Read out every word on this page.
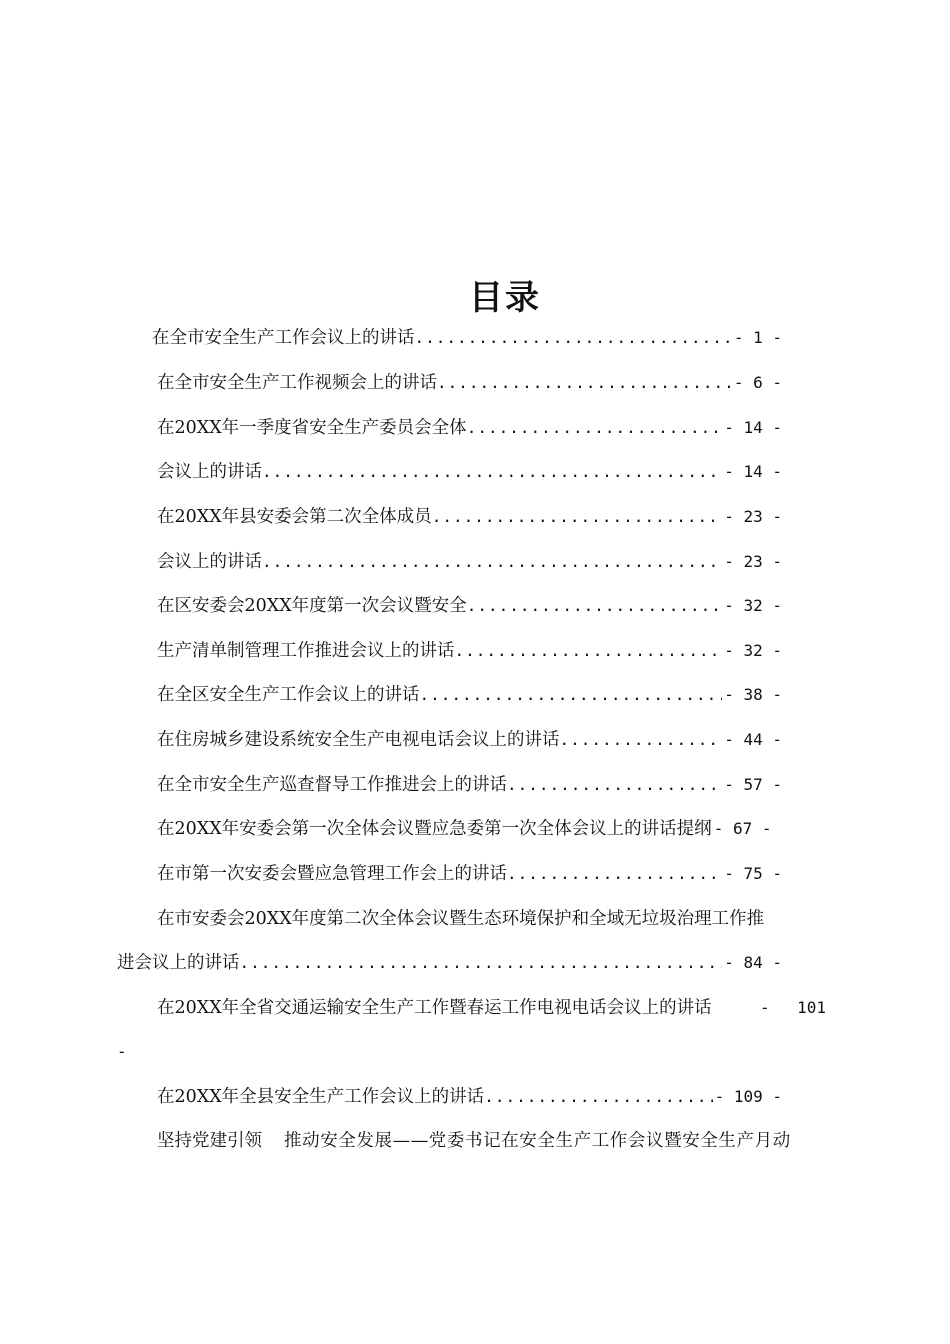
目录
在全市安全生产工作会议上的讲话 .....	- 1 -
在全市安全生产工作视频会上的讲话 .....	- 6 -
在20XX年一季度省安全生产委员会全体 .....	- 14 -
会议上的讲话 .....	- 14 -
在20XX年县安委会第二次全体成员 .....	- 23 -
会议上的讲话 .....	- 23 -
在区安委会20XX年度第一次会议暨安全 .....	- 32 -
生产清单制管理工作推进会议上的讲话 .....	- 32 -
在全区安全生产工作会议上的讲话 .....	- 38 -
在住房城乡建设系统安全生产电视电话会议上的讲话 .....	- 44 -
在全市安全生产巡查督导工作推进会上的讲话 .....	- 57 -
在20XX年安委会第一次全体会议暨应急委第一次全体会议上的讲话提纲 - 67 -
在市第一次安委会暨应急管理工作会上的讲话 .....	- 75 -
在市安委会20XX年度第二次全体会议暨生态环境保护和全域无垃圾治理工作推
进会议上的讲话 .....	- 84 -
在20XX年全省交通运输安全生产工作暨春运工作电视电话会议上的讲话	- 101
-
在20XX年全县安全生产工作会议上的讲话 .....	- 109 -
坚持党建引领 推动安全发展——党委书记在安全生产工作会议暨安全生产月动
